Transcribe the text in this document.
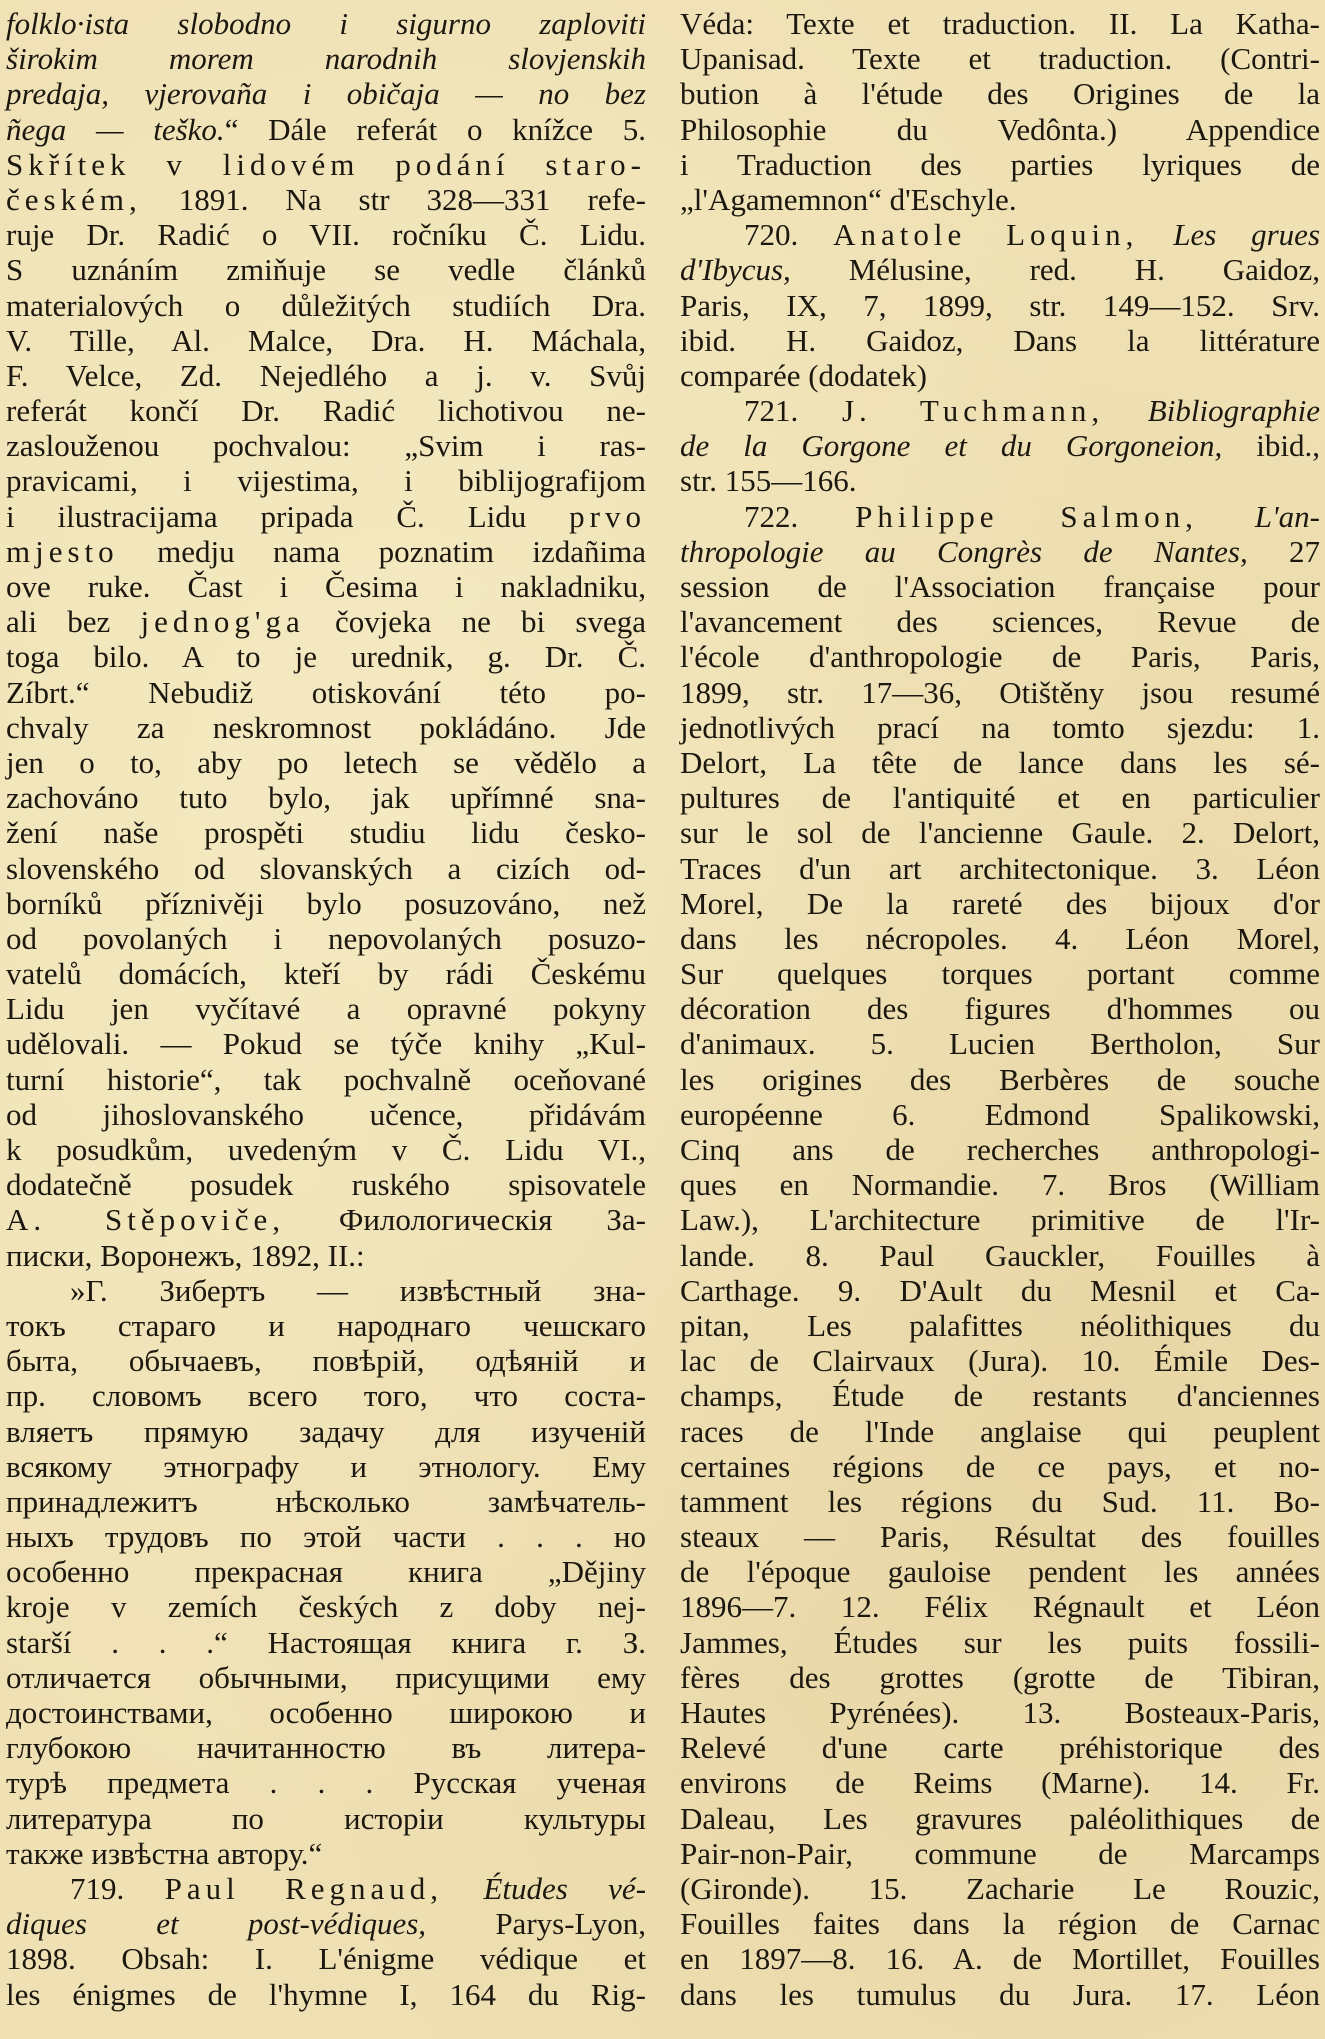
folklo·ista slobodno i sigurno zaploviti
širokim morem narodnih slovjenskih
predaja, vjerovaña i običaja — no bez
ñega — teško.“ Dále referát o knížce 5.
Skřítek v lidovém podání staro-
českém, 1891. Na str 328—331 refe-
ruje Dr. Radić o VII. ročníku Č. Lidu.
S uznáním zmiňuje se vedle článků
materialových o důležitých studiích Dra.
V. Tille, Al. Malce, Dra. H. Máchala,
F. Velce, Zd. Nejedlého a j. v. Svůj
referát končí Dr. Radić lichotivou ne-
zaslouženou pochvalou: „Svim i ras-
pravicami, i vijestima, i biblijografijom
i ilustracijama pripada Č. Lidu prvo
mjesto medju nama poznatim izdañima
ove ruke. Čast i Česima i nakladniku,
ali bez jednog'ga čovjeka ne bi svega
toga bilo. A to je urednik, g. Dr. Č.
Zíbrt.“ Nebudiž otiskování této po-
chvaly za neskromnost pokládáno. Jde
jen o to, aby po letech se vědělo a
zachováno tuto bylo, jak upřímné sna-
žení naše prospěti studiu lidu česko-
slovenského od slovanských a cizích od-
borníků příznivěji bylo posuzováno, než
od povolaných i nepovolaných posuzo-
vatelů domácích, kteří by rádi Českému
Lidu jen vyčítavé a opravné pokyny
udělovali. — Pokud se týče knihy „Kul-
turní historie“, tak pochvalně oceňované
od jihoslovanského učence, přidávám
k posudkům, uvedeným v Č. Lidu VI.,
dodatečně posudek ruského spisovatele
A. Stěpoviče, Филологическія За-
писки, Воронежъ, 1892, II.:
»Г. Зибертъ — извѣстный зна-
токъ стараго и народнаго чешскаго
быта, обычаевъ, повѣрій, одѣяній и
пр. словомъ всего того, что соста-
вляетъ прямую задачу для изученій
всякому этнографу и этнологу. Ему
принадлежитъ нѣсколько замѣчатель-
ныхъ трудовъ по этой части . . . но
особенно прекрасная книга „Dějiny
kroje v zemích českých z doby nej-
starší . . .“ Настоящая книга г. З.
отличается обычными, присущими ему
достоинствами, особенно широкою и
глубокою начитанностю въ литера-
турѣ предмета . . . Русская ученая
литература по исторіи культуры
также извѣстна автору.“
719. Paul Regnaud, Études vé-
diques et post-védiques, Parys-Lyon,
1898. Obsah: I. L'énigme védique et
les énigmes de l'hymne I, 164 du Rig-
Véda: Texte et traduction. II. La Katha-
Upanisad. Texte et traduction. (Contri-
bution à l'étude des Origines de la
Philosophie du Vedônta.) Appendice
i Traduction des parties lyriques de
„l'Agamemnon“ d'Eschyle.
720. Anatole Loquin, Les grues
d'Ibycus, Mélusine, red. H. Gaidoz,
Paris, IX, 7, 1899, str. 149—152. Srv.
ibid. H. Gaidoz, Dans la littérature
comparée (dodatek)
721. J. Tuchmann, Bibliographie
de la Gorgone et du Gorgoneion, ibid.,
str. 155—166.
722. Philippe Salmon, L'an-
thropologie au Congrès de Nantes, 27
session de l'Association française pour
l'avancement des sciences, Revue de
l'école d'anthropologie de Paris, Paris,
1899, str. 17—36, Otištěny jsou resumé
jednotlivých prací na tomto sjezdu: 1.
Delort, La tête de lance dans les sé-
pultures de l'antiquité et en particulier
sur le sol de l'ancienne Gaule. 2. Delort,
Traces d'un art architectonique. 3. Léon
Morel, De la rareté des bijoux d'or
dans les nécropoles. 4. Léon Morel,
Sur quelques torques portant comme
décoration des figures d'hommes ou
d'animaux. 5. Lucien Bertholon, Sur
les origines des Berbères de souche
européenne 6. Edmond Spalikowski,
Cinq ans de recherches anthropologi-
ques en Normandie. 7. Bros (William
Law.), L'architecture primitive de l'Ir-
lande. 8. Paul Gauckler, Fouilles à
Carthage. 9. D'Ault du Mesnil et Ca-
pitan, Les palafittes néolithiques du
lac de Clairvaux (Jura). 10. Émile Des-
champs, Étude de restants d'anciennes
races de l'Inde anglaise qui peuplent
certaines régions de ce pays, et no-
tamment les régions du Sud. 11. Bo-
steaux — Paris, Résultat des fouilles
de l'époque gauloise pendent les années
1896—7. 12. Félix Régnault et Léon
Jammes, Études sur les puits fossili-
fères des grottes (grotte de Tibiran,
Hautes Pyrénées). 13. Bosteaux-Paris,
Relevé d'une carte préhistorique des
environs de Reims (Marne). 14. Fr.
Daleau, Les gravures paléolithiques de
Pair-non-Pair, commune de Marcamps
(Gironde). 15. Zacharie Le Rouzic,
Fouilles faites dans la région de Carnac
en 1897—8. 16. A. de Mortillet, Fouilles
dans les tumulus du Jura. 17. Léon
